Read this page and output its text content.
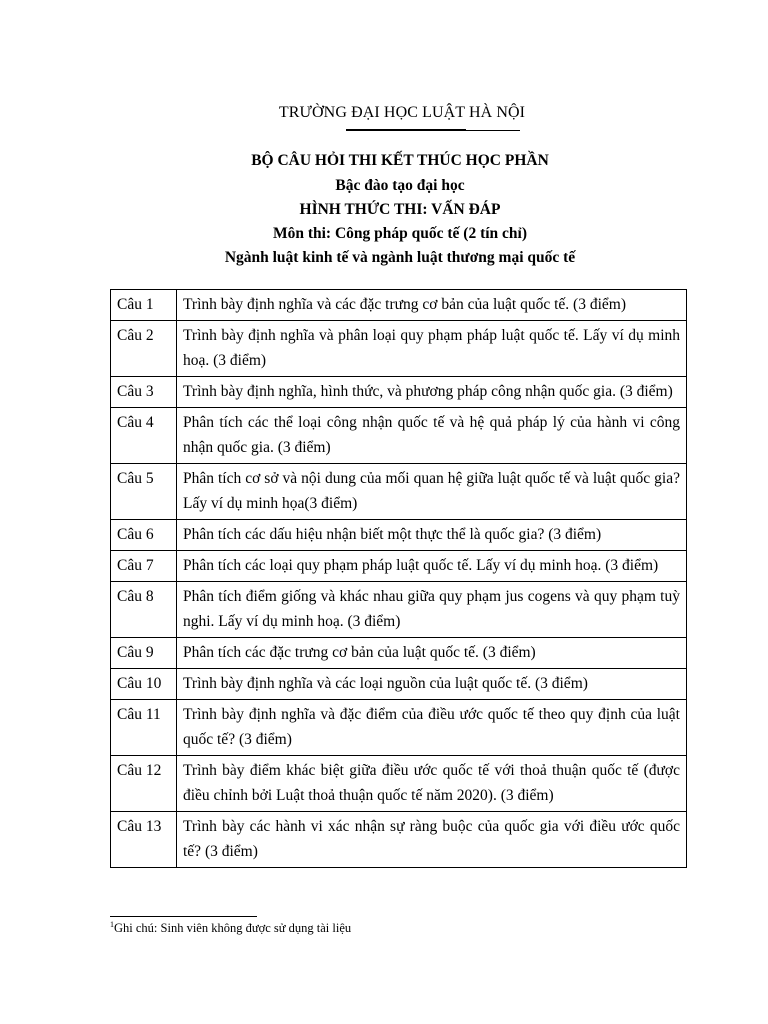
TRƯỜNG ĐẠI HỌC LUẬT HÀ NỘI
BỘ CÂU HỎI THI KẾT THÚC HỌC PHẦN
Bậc đào tạo đại học
HÌNH THỨC THI: VẤN ĐÁP
Môn thi: Công pháp quốc tế (2 tín chỉ)
Ngành luật kinh tế và ngành luật thương mại quốc tế
Câu 1	Trình bày định nghĩa và các đặc trưng cơ bản của luật quốc tế. (3 điểm)
Câu 2	Trình bày định nghĩa và phân loại quy phạm pháp luật quốc tế. Lấy ví dụ minh hoạ. (3 điểm)
Câu 3	Trình bày định nghĩa, hình thức, và phương pháp công nhận quốc gia. (3 điểm)
Câu 4	Phân tích các thể loại công nhận quốc tế và hệ quả pháp lý của hành vi công nhận quốc gia. (3 điểm)
Câu 5	Phân tích cơ sở và nội dung của mối quan hệ giữa luật quốc tế và luật quốc gia? Lấy ví dụ minh họa(3 điểm)
Câu 6	Phân tích các dấu hiệu nhận biết một thực thể là quốc gia? (3 điểm)
Câu 7	Phân tích các loại quy phạm pháp luật quốc tế. Lấy ví dụ minh hoạ. (3 điểm)
Câu 8	Phân tích điểm giống và khác nhau giữa quy phạm jus cogens và quy phạm tuỳ nghi. Lấy ví dụ minh hoạ. (3 điểm)
Câu 9	Phân tích các đặc trưng cơ bản của luật quốc tế. (3 điểm)
Câu 10	Trình bày định nghĩa và các loại nguồn của luật quốc tế. (3 điểm)
Câu 11	Trình bày định nghĩa và đặc điểm của điều ước quốc tế theo quy định của luật quốc tế? (3 điểm)
Câu 12	Trình bày điểm khác biệt giữa điều ước quốc tế với thoả thuận quốc tế (được điều chỉnh bởi Luật thoả thuận quốc tế năm 2020). (3 điểm)
Câu 13	Trình bày các hành vi xác nhận sự ràng buộc của quốc gia với điều ước quốc tế? (3 điểm)
$^1$Ghi chú: Sinh viên không được sử dụng tài liệu
